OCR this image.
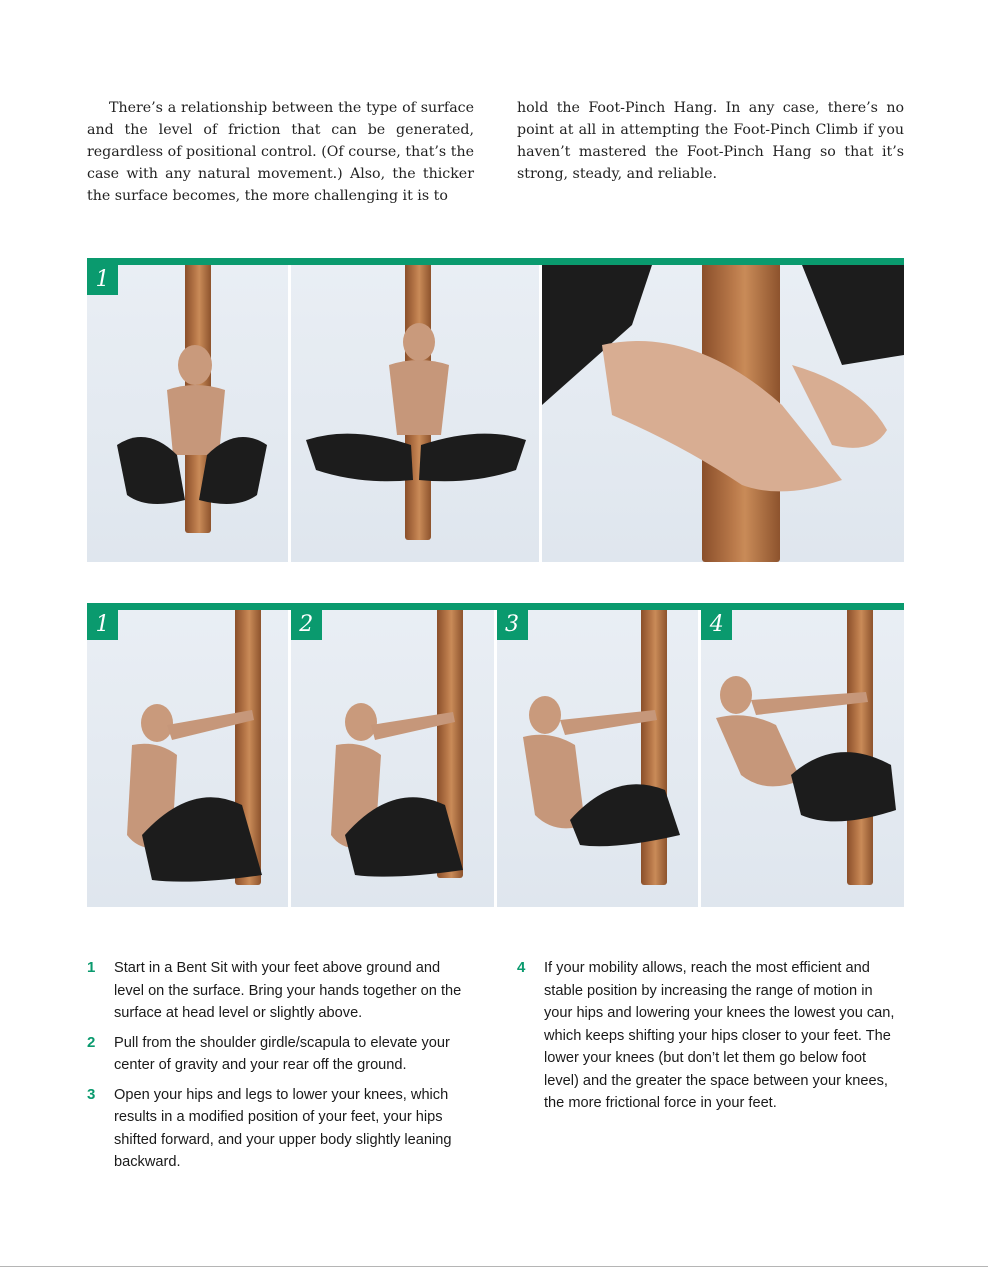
There’s a relationship between the type of surface and the level of friction that can be generated, regardless of positional control. (Of course, that’s the case with any natural movement.) Also, the thicker the surface becomes, the more challenging it is to

hold the Foot-Pinch Hang. In any case, there’s no point at all in attempting the Foot-Pinch Climb if you haven’t mastered the Foot-Pinch Hang so that it’s strong, steady, and reliable.

1
1	2	3	4
1	Start in a Bent Sit with your feet above ground and level on the surface. Bring your hands together on the surface at head level or slightly above.
2	Pull from the shoulder girdle/scapula to elevate your center of gravity and your rear off the ground.
3	Open your hips and legs to lower your knees, which results in a modified position of your feet, your hips shifted forward, and your upper body slightly leaning backward.
4	If your mobility allows, reach the most efficient and stable position by increasing the range of motion in your hips and lowering your knees the lowest you can, which keeps shifting your hips closer to your feet. The lower your knees (but don’t let them go below foot level) and the greater the space between your knees, the more frictional force in your feet.
